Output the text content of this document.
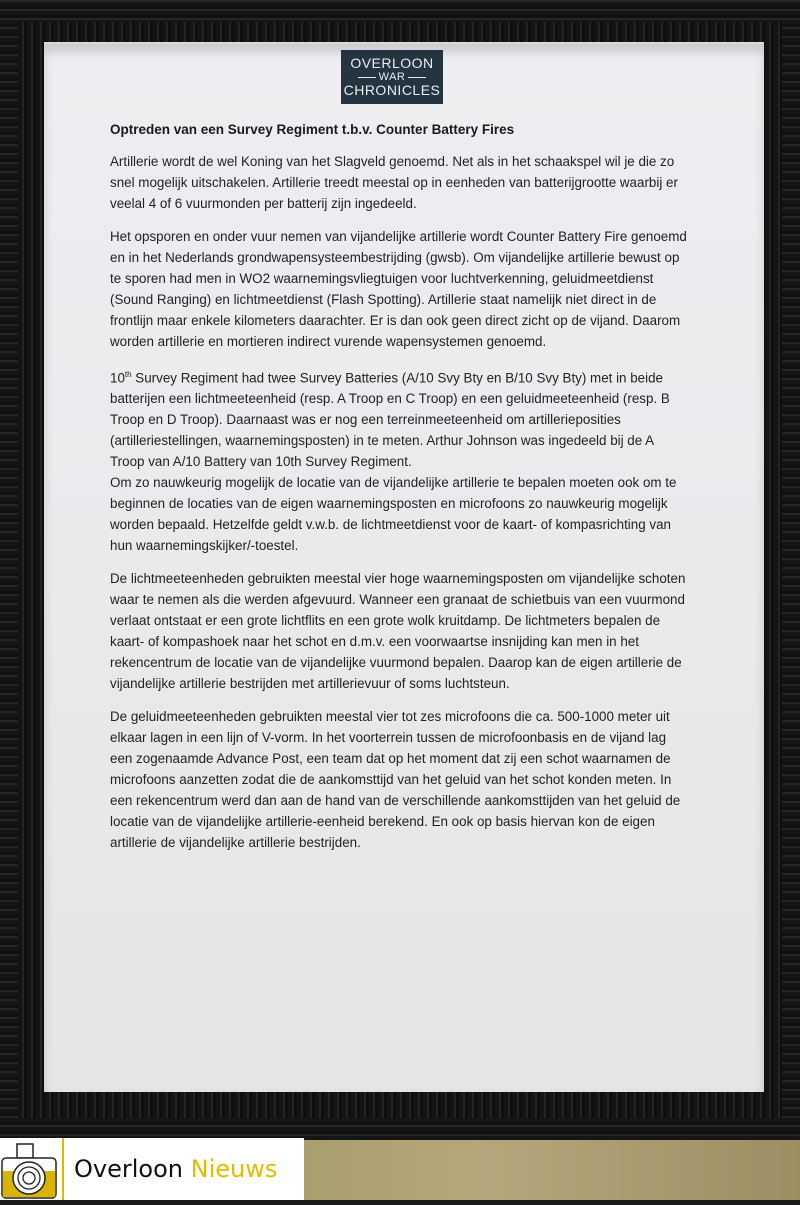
OVERLOON
WAR
CHRONICLES

Optreden van een Survey Regiment t.b.v. Counter Battery Fires

Artillerie wordt de wel Koning van het Slagveld genoemd. Net als in het schaakspel wil je die zo snel mogelijk uitschakelen. Artillerie treedt meestal op in eenheden van batterijgrootte waarbij er veelal 4 of 6 vuurmonden per batterij zijn ingedeeld.

Het opsporen en onder vuur nemen van vijandelijke artillerie wordt Counter Battery Fire genoemd en in het Nederlands grondwapensysteembestrijding (gwsb). Om vijandelijke artillerie bewust op te sporen had men in WO2 waarnemingsvliegtuigen voor luchtverkenning, geluidmeetdienst (Sound Ranging) en lichtmeetdienst (Flash Spotting). Artillerie staat namelijk niet direct in de frontlijn maar enkele kilometers daarachter. Er is dan ook geen direct zicht op de vijand. Daarom worden artillerie en mortieren indirect vurende wapensystemen genoemd.

10th Survey Regiment had twee Survey Batteries (A/10 Svy Bty en B/10 Svy Bty) met in beide batterijen een lichtmeeteenheid (resp. A Troop en C Troop) en een geluidmeeteenheid (resp. B Troop en D Troop). Daarnaast was er nog een terreinmeeteenheid om artillerieposities (artilleriestellingen, waarnemingsposten) in te meten. Arthur Johnson was ingedeeld bij de A Troop van A/10 Battery van 10th Survey Regiment.

Om zo nauwkeurig mogelijk de locatie van de vijandelijke artillerie te bepalen moeten ook om te beginnen de locaties van de eigen waarnemingsposten en microfoons zo nauwkeurig mogelijk worden bepaald. Hetzelfde geldt v.w.b. de lichtmeetdienst voor de kaart- of kompasrichting van hun waarnemingskijker/-toestel.

De lichtmeeteenheden gebruikten meestal vier hoge waarnemingsposten om vijandelijke schoten waar te nemen als die werden afgevuurd. Wanneer een granaat de schietbuis van een vuurmond verlaat ontstaat er een grote lichtflits en een grote wolk kruitdamp. De lichtmeters bepalen de kaart- of kompashoek naar het schot en d.m.v. een voorwaartse insnijding kan men in het rekencentrum de locatie van de vijandelijke vuurmond bepalen. Daarop kan de eigen artillerie de vijandelijke artillerie bestrijden met artillerievuur of soms luchtsteun.

De geluidmeeteenheden gebruikten meestal vier tot zes microfoons die ca. 500-1000 meter uit elkaar lagen in een lijn of V-vorm. In het voorterrein tussen de microfoonbasis en de vijand lag een zogenaamde Advance Post, een team dat op het moment dat zij een schot waarnamen de microfoons aanzetten zodat die de aankomsttijd van het geluid van het schot konden meten. In een rekencentrum werd dan aan de hand van de verschillende aankomsttijden van het geluid de locatie van de vijandelijke artillerie-eenheid berekend. En ook op basis hiervan kon de eigen artillerie de vijandelijke artillerie bestrijden.

Overloon Nieuws
